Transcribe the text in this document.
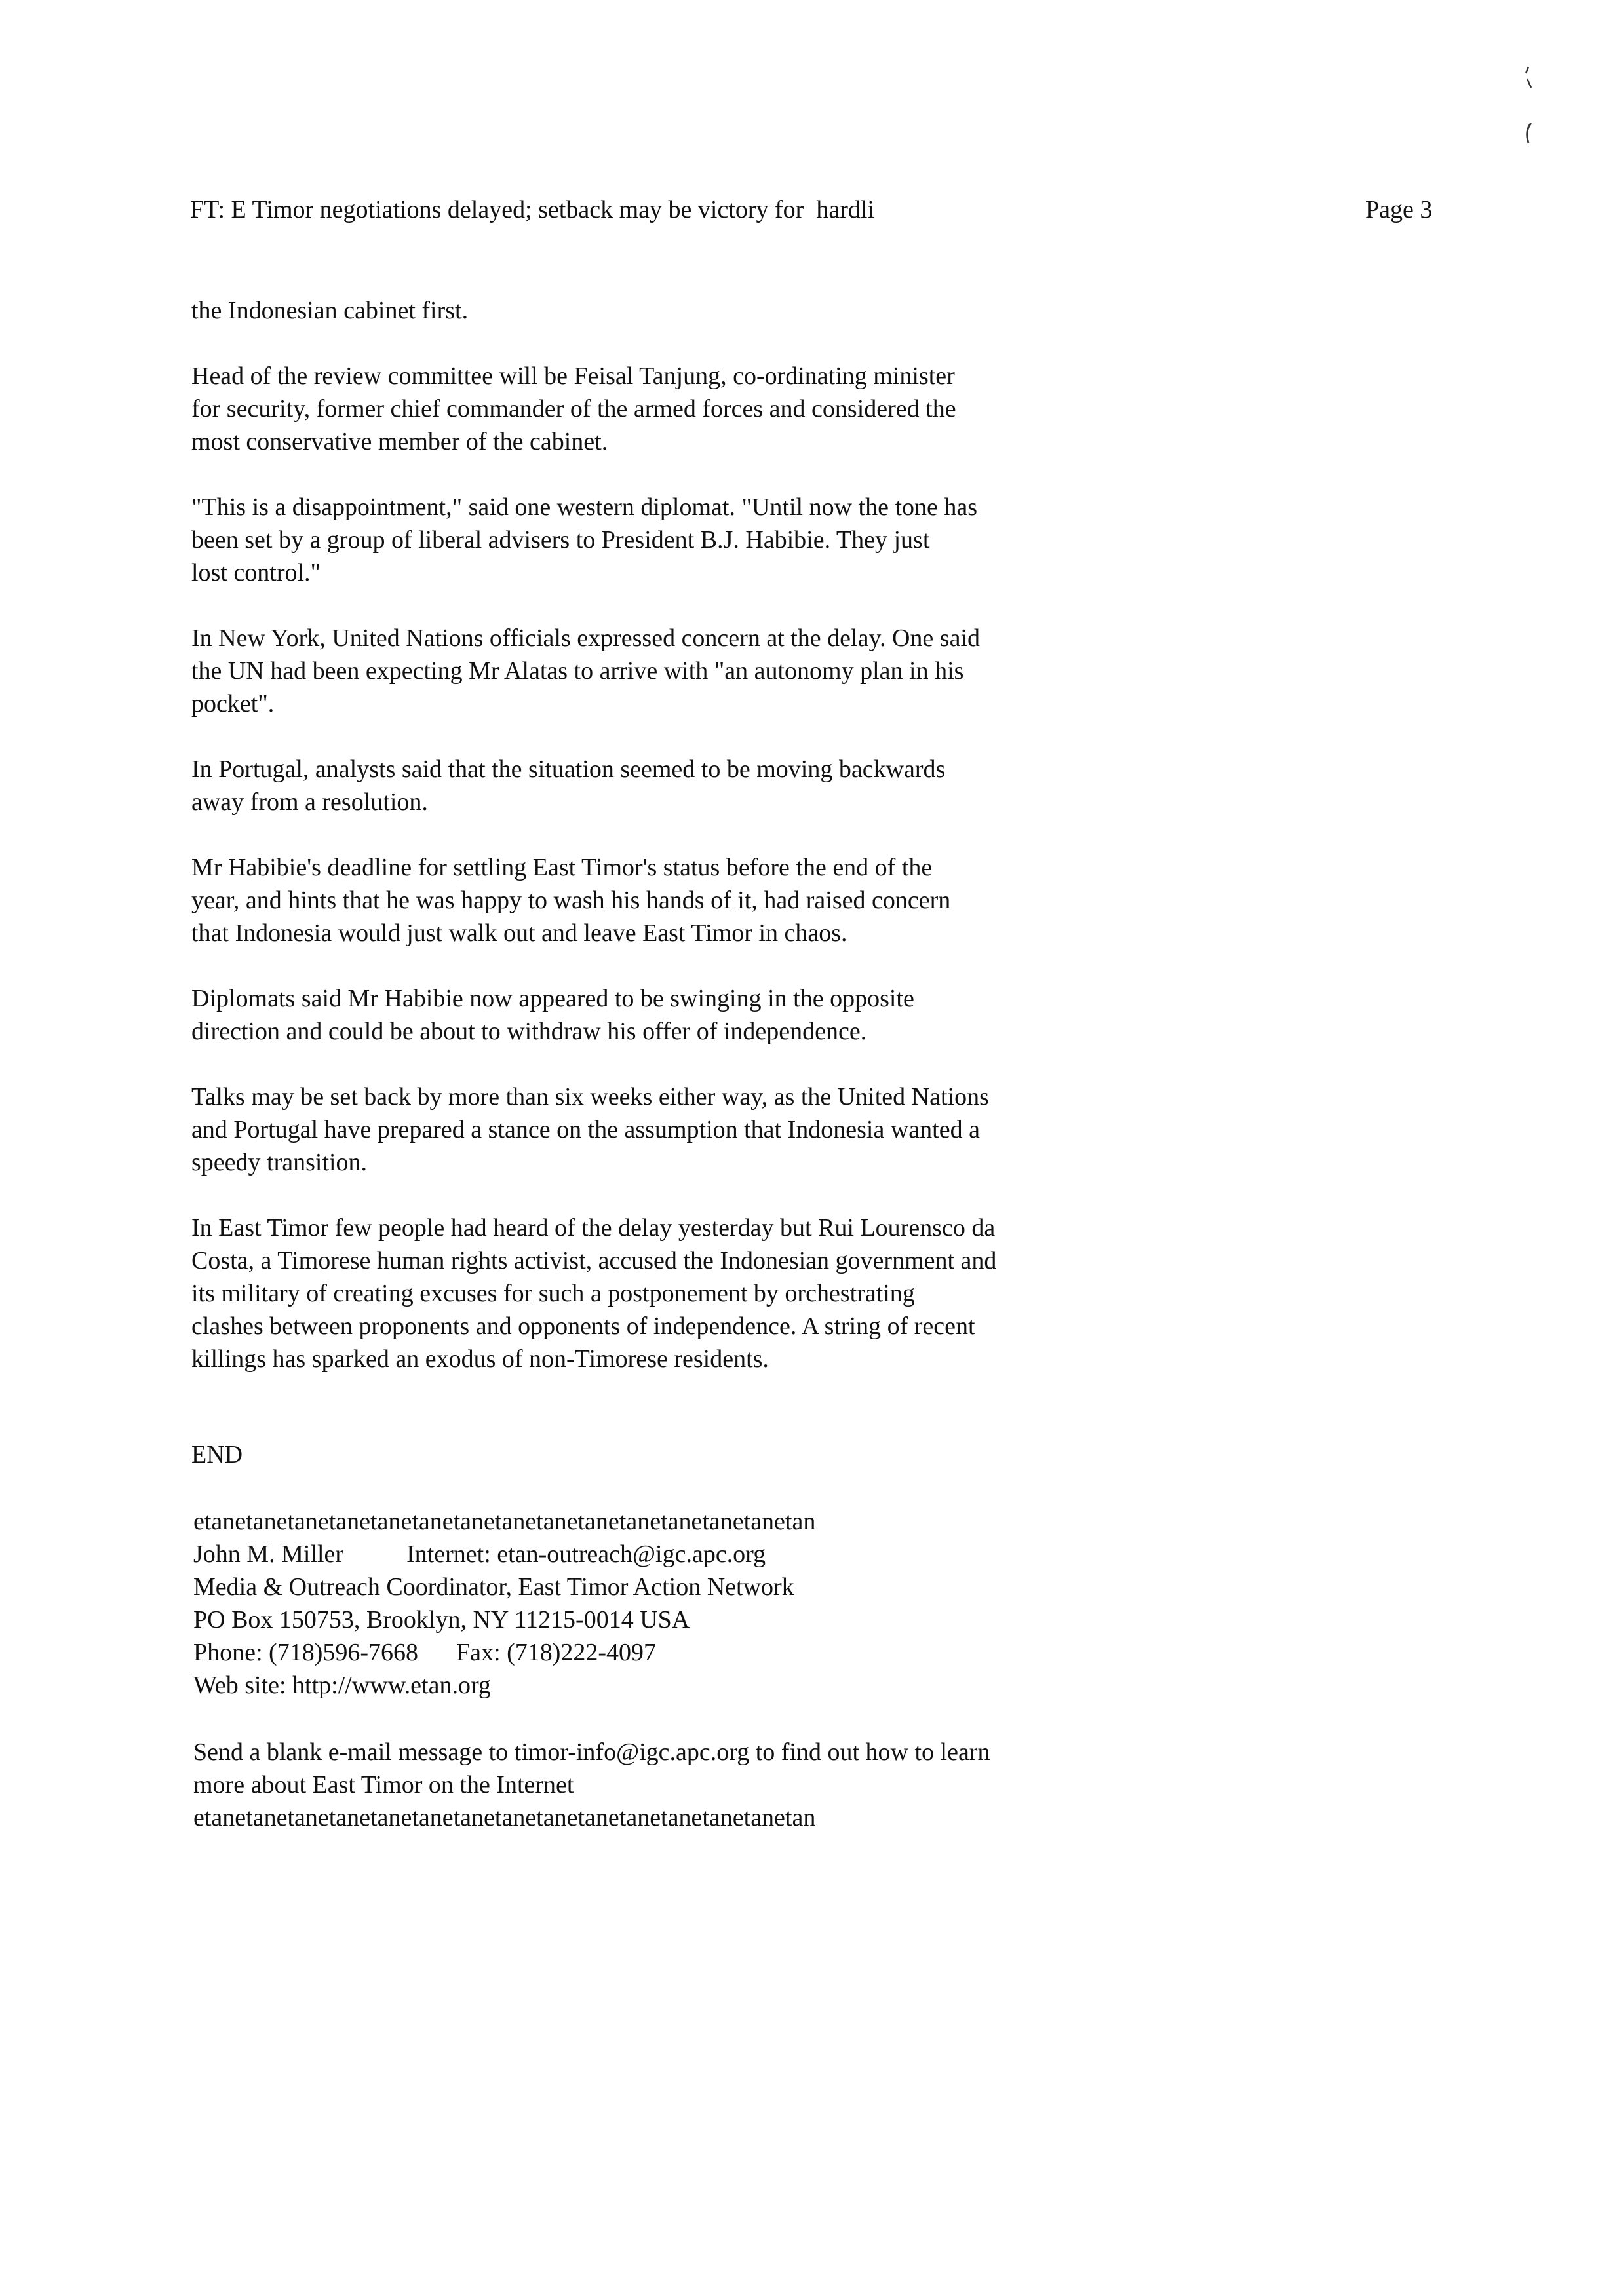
FT: E Timor negotiations delayed; setback may be victory for  hardli	Page 3

the Indonesian cabinet first.

Head of the review committee will be Feisal Tanjung, co-ordinating minister
for security, former chief commander of the armed forces and considered the
most conservative member of the cabinet.

"This is a disappointment," said one western diplomat. "Until now the tone has
been set by a group of liberal advisers to President B.J. Habibie. They just
lost control."

In New York, United Nations officials expressed concern at the delay. One said
the UN had been expecting Mr Alatas to arrive with "an autonomy plan in his
pocket".

In Portugal, analysts said that the situation seemed to be moving backwards
away from a resolution.

Mr Habibie's deadline for settling East Timor's status before the end of the
year, and hints that he was happy to wash his hands of it, had raised concern
that Indonesia would just walk out and leave East Timor in chaos.

Diplomats said Mr Habibie now appeared to be swinging in the opposite
direction and could be about to withdraw his offer of independence.

Talks may be set back by more than six weeks either way, as the United Nations
and Portugal have prepared a stance on the assumption that Indonesia wanted a
speedy transition.

In East Timor few people had heard of the delay yesterday but Rui Lourensco da
Costa, a Timorese human rights activist, accused the Indonesian government and
its military of creating excuses for such a postponement by orchestrating
clashes between proponents and opponents of independence. A string of recent
killings has sparked an exodus of non-Timorese residents.

END
etanetanetanetanetanetanetanetanetanetanetanetanetanetanetan
John M. Miller	Internet: etan-outreach@igc.apc.org
Media & Outreach Coordinator, East Timor Action Network
PO Box 150753, Brooklyn, NY 11215-0014 USA
Phone: (718)596-7668 Fax: (718)222-4097
Web site: http://www.etan.org
Send a blank e-mail message to timor-info@igc.apc.org to find out how to learn
more about East Timor on the Internet
etanetanetanetanetanetanetanetanetanetanetanetanetanetanetan
